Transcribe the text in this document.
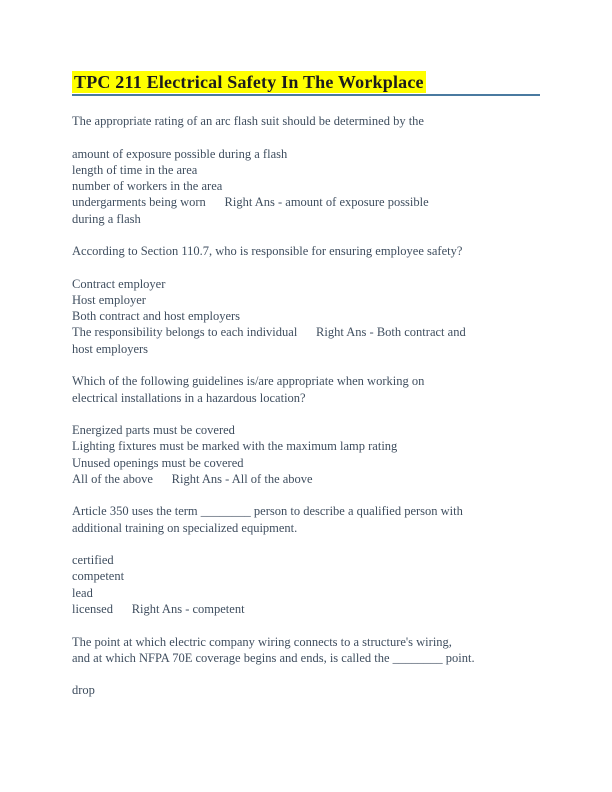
TPC 211 Electrical Safety In The Workplace
The appropriate rating of an arc flash suit should be determined by the

amount of exposure possible during a flash
length of time in the area
number of workers in the area
undergarments being worn      Right Ans - amount of exposure possible
during a flash

According to Section 110.7, who is responsible for ensuring employee safety?

Contract employer
Host employer
Both contract and host employers
The responsibility belongs to each individual      Right Ans - Both contract and
host employers

Which of the following guidelines is/are appropriate when working on
electrical installations in a hazardous location?

Energized parts must be covered
Lighting fixtures must be marked with the maximum lamp rating
Unused openings must be covered
All of the above      Right Ans - All of the above

Article 350 uses the term ________ person to describe a qualified person with
additional training on specialized equipment.

certified
competent
lead
licensed      Right Ans - competent

The point at which electric company wiring connects to a structure's wiring,
and at which NFPA 70E coverage begins and ends, is called the ________ point.

drop
